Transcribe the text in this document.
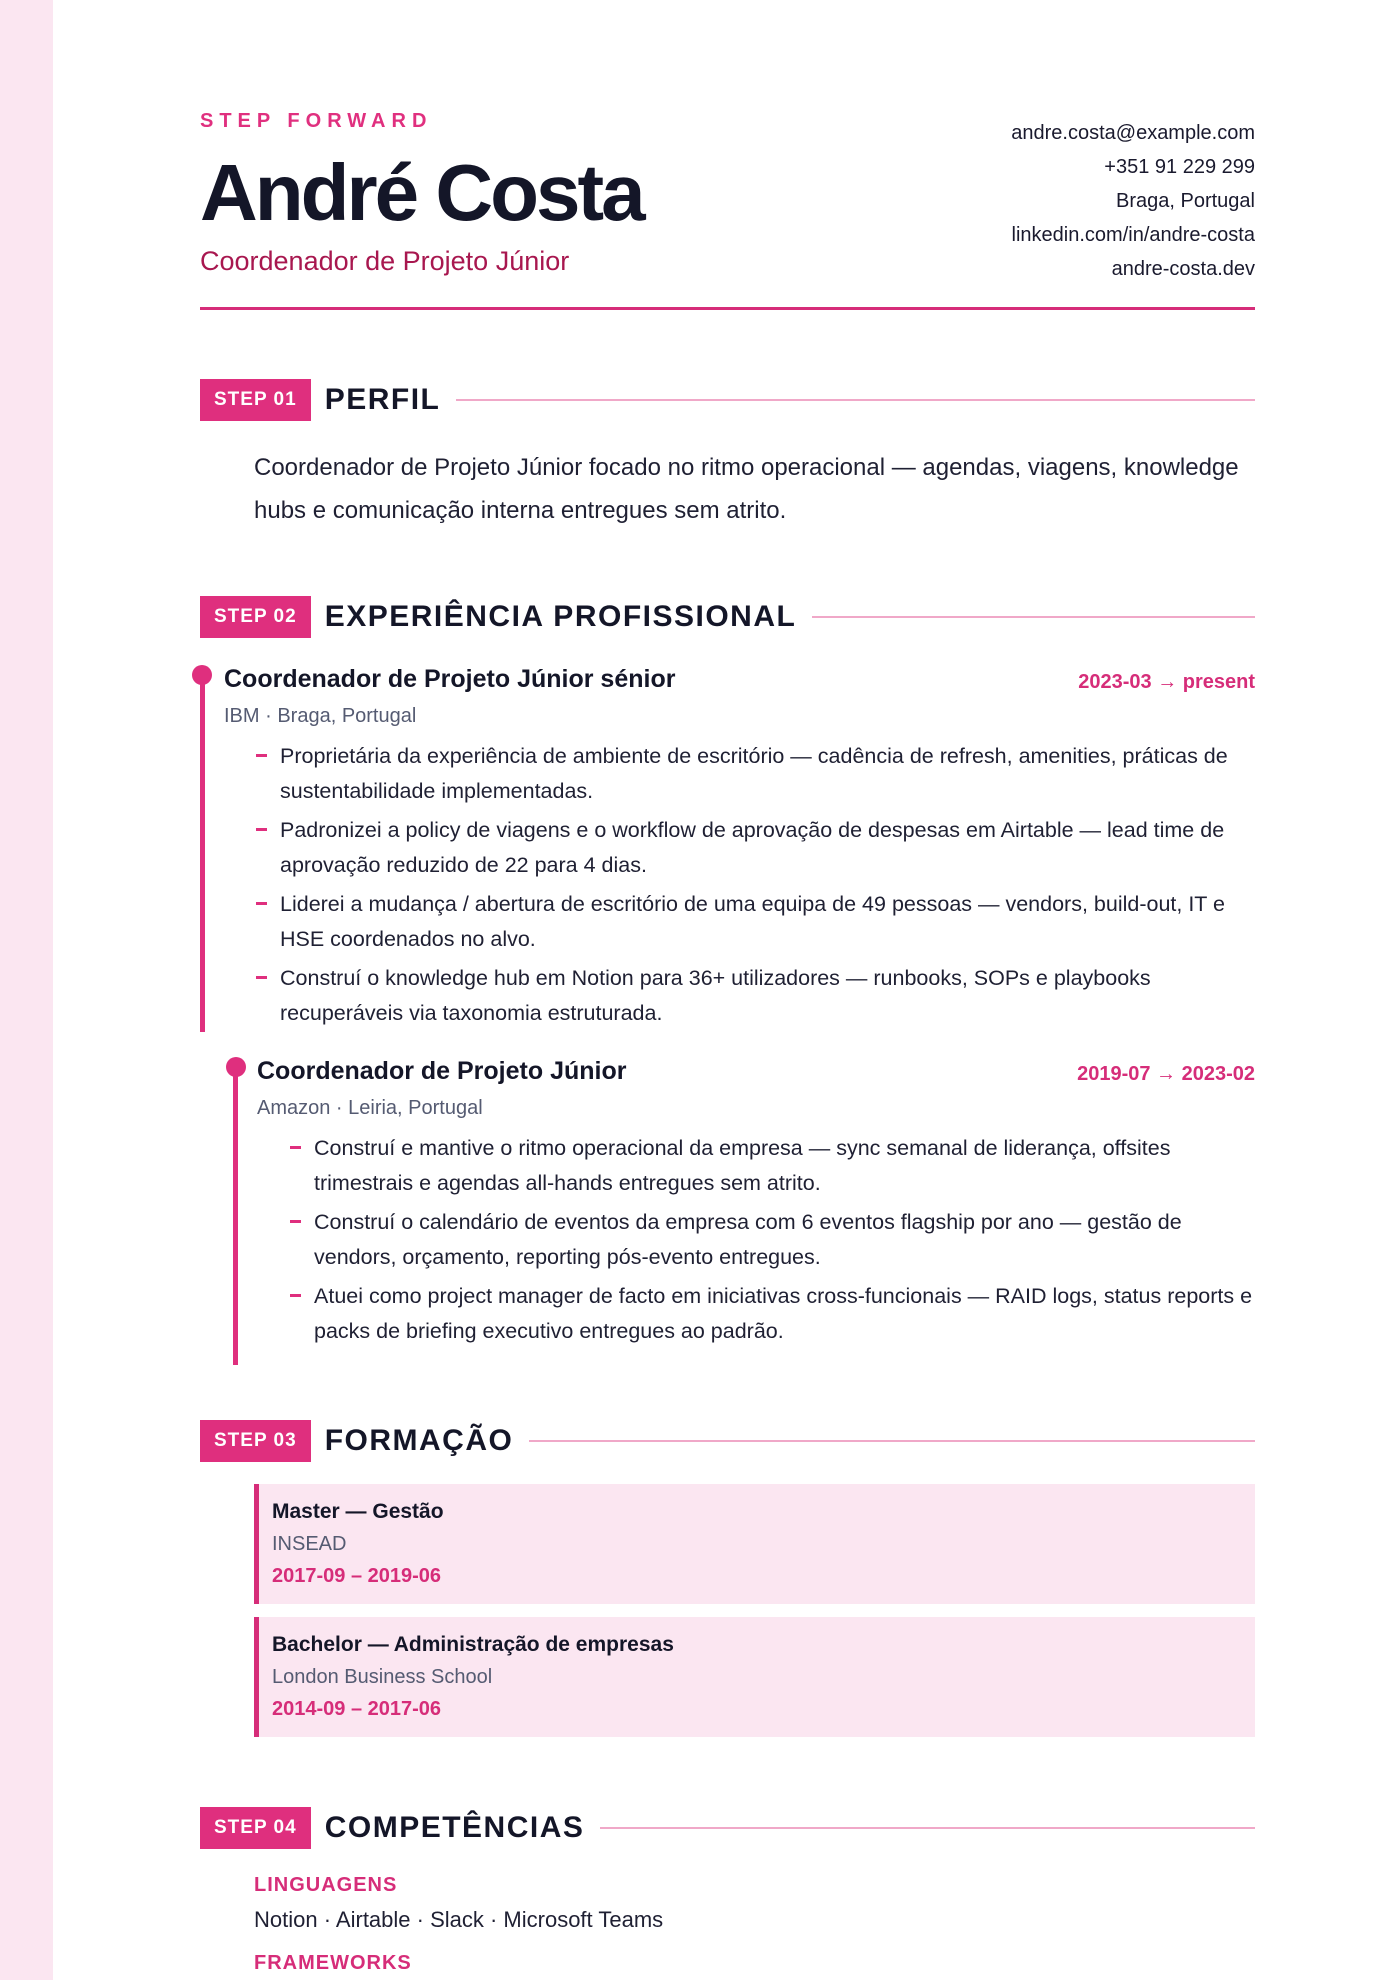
STEP FORWARD
André Costa
Coordenador de Projeto Júnior
andre.costa@example.com
+351 91 229 299
Braga, Portugal
linkedin.com/in/andre-costa
andre-costa.dev
STEP 01 PERFIL
Coordenador de Projeto Júnior focado no ritmo operacional — agendas, viagens, knowledge hubs e comunicação interna entregues sem atrito.
STEP 02 EXPERIÊNCIA PROFISSIONAL
Coordenador de Projeto Júnior sénior	2023-03 → present
IBM · Braga, Portugal
Proprietária da experiência de ambiente de escritório — cadência de refresh, amenities, práticas de sustentabilidade implementadas.
Padronizei a policy de viagens e o workflow de aprovação de despesas em Airtable — lead time de aprovação reduzido de 22 para 4 dias.
Liderei a mudança / abertura de escritório de uma equipa de 49 pessoas — vendors, build-out, IT e HSE coordenados no alvo.
Construí o knowledge hub em Notion para 36+ utilizadores — runbooks, SOPs e playbooks recuperáveis via taxonomia estruturada.
Coordenador de Projeto Júnior	2019-07 → 2023-02
Amazon · Leiria, Portugal
Construí e mantive o ritmo operacional da empresa — sync semanal de liderança, offsites trimestrais e agendas all-hands entregues sem atrito.
Construí o calendário de eventos da empresa com 6 eventos flagship por ano — gestão de vendors, orçamento, reporting pós-evento entregues.
Atuei como project manager de facto em iniciativas cross-funcionais — RAID logs, status reports e packs de briefing executivo entregues ao padrão.
STEP 03 FORMAÇÃO
Master — Gestão
INSEAD
2017-09 – 2019-06
Bachelor — Administração de empresas
London Business School
2014-09 – 2017-06
STEP 04 COMPETÊNCIAS
LINGUAGENS
Notion · Airtable · Slack · Microsoft Teams
FRAMEWORKS
